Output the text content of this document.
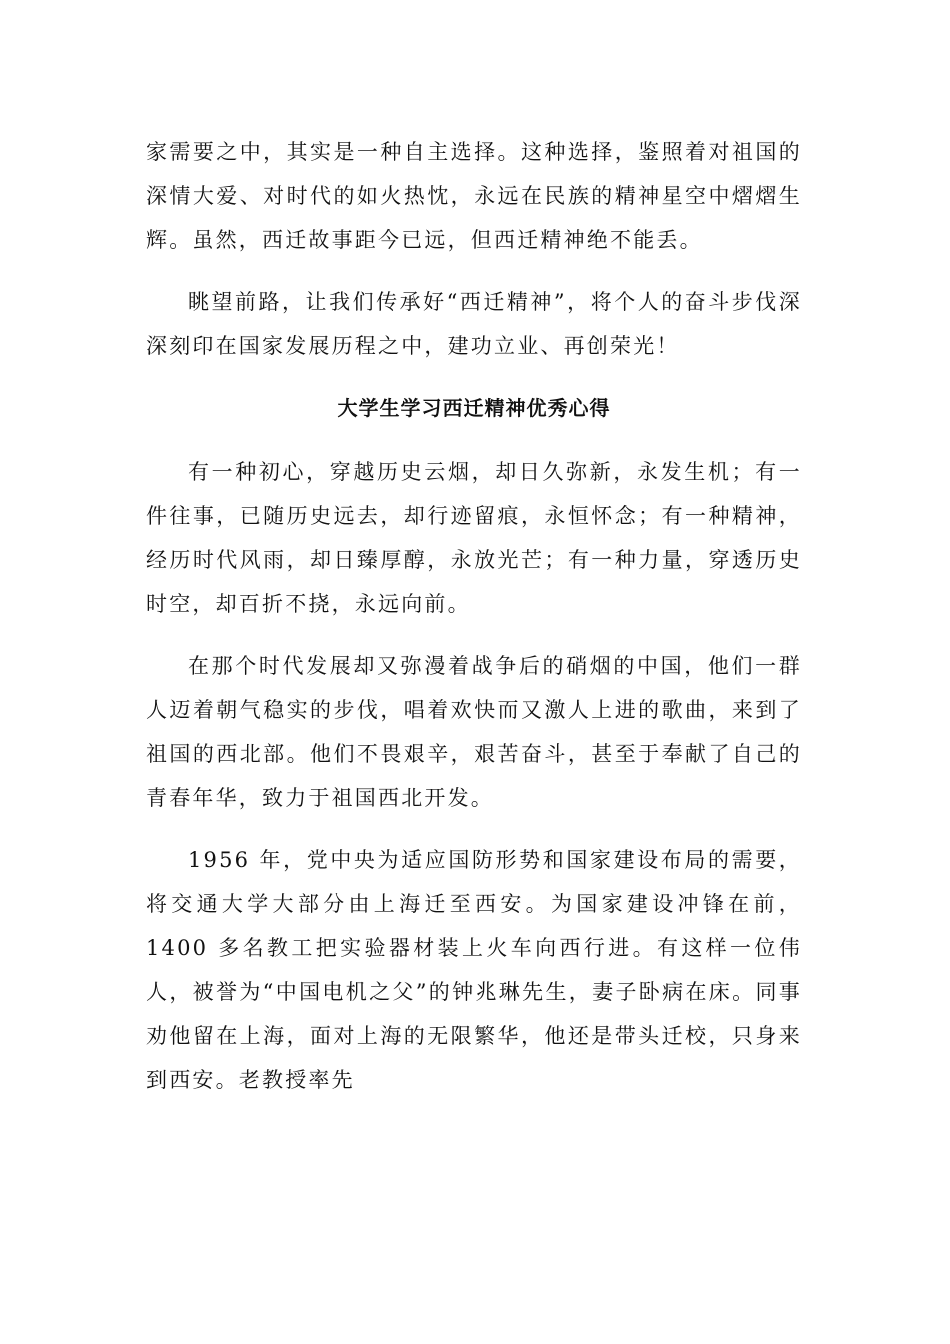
家需要之中，其实是一种自主选择。这种选择，鉴照着对祖国的深情大爱、对时代的如火热忱，永远在民族的精神星空中熠熠生辉。虽然，西迁故事距今已远，但西迁精神绝不能丢。

眺望前路，让我们传承好“西迁精神”，将个人的奋斗步伐深深刻印在国家发展历程之中，建功立业、再创荣光！

大学生学习西迁精神优秀心得

有一种初心，穿越历史云烟，却日久弥新，永发生机；有一件往事，已随历史远去，却行迹留痕，永恒怀念；有一种精神，经历时代风雨，却日臻厚醇，永放光芒；有一种力量，穿透历史时空，却百折不挠，永远向前。

在那个时代发展却又弥漫着战争后的硝烟的中国，他们一群人迈着朝气稳实的步伐，唱着欢快而又激人上进的歌曲，来到了祖国的西北部。他们不畏艰辛，艰苦奋斗，甚至于奉献了自己的青春年华，致力于祖国西北开发。

1956 年，党中央为适应国防形势和国家建设布局的需要，将交通大学大部分由上海迁至西安。为国家建设冲锋在前，1400 多名教工把实验器材装上火车向西行进。有这样一位伟人，被誉为“中国电机之父”的钟兆琳先生，妻子卧病在床。同事劝他留在上海，面对上海的无限繁华，他还是带头迁校，只身来到西安。老教授率先
